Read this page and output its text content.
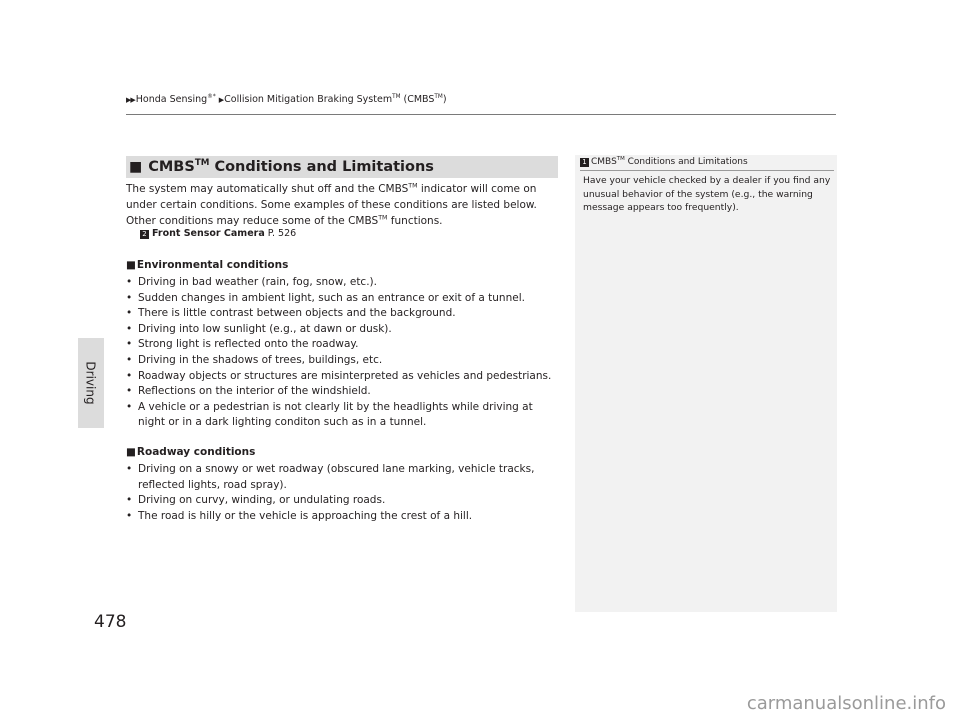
▶▶Honda Sensing®* ▶Collision Mitigation Braking System™ (CMBS™)
Driving
■ CMBS™ Conditions and Limitations
The system may automatically shut off and the CMBS™ indicator will come on under certain conditions. Some examples of these conditions are listed below. Other conditions may reduce some of the CMBS™ functions.
2 Front Sensor Camera P. 526
■Environmental conditions
• Driving in bad weather (rain, fog, snow, etc.).
• Sudden changes in ambient light, such as an entrance or exit of a tunnel.
• There is little contrast between objects and the background.
• Driving into low sunlight (e.g., at dawn or dusk).
• Strong light is reflected onto the roadway.
• Driving in the shadows of trees, buildings, etc.
• Roadway objects or structures are misinterpreted as vehicles and pedestrians.
• Reflections on the interior of the windshield.
• A vehicle or a pedestrian is not clearly lit by the headlights while driving at night or in a dark lighting conditon such as in a tunnel.
■Roadway conditions
• Driving on a snowy or wet roadway (obscured lane marking, vehicle tracks, reflected lights, road spray).
• Driving on curvy, winding, or undulating roads.
• The road is hilly or the vehicle is approaching the crest of a hill.
1 CMBS™ Conditions and Limitations
Have your vehicle checked by a dealer if you find any unusual behavior of the system (e.g., the warning message appears too frequently).
478
carmanualsonline.info
